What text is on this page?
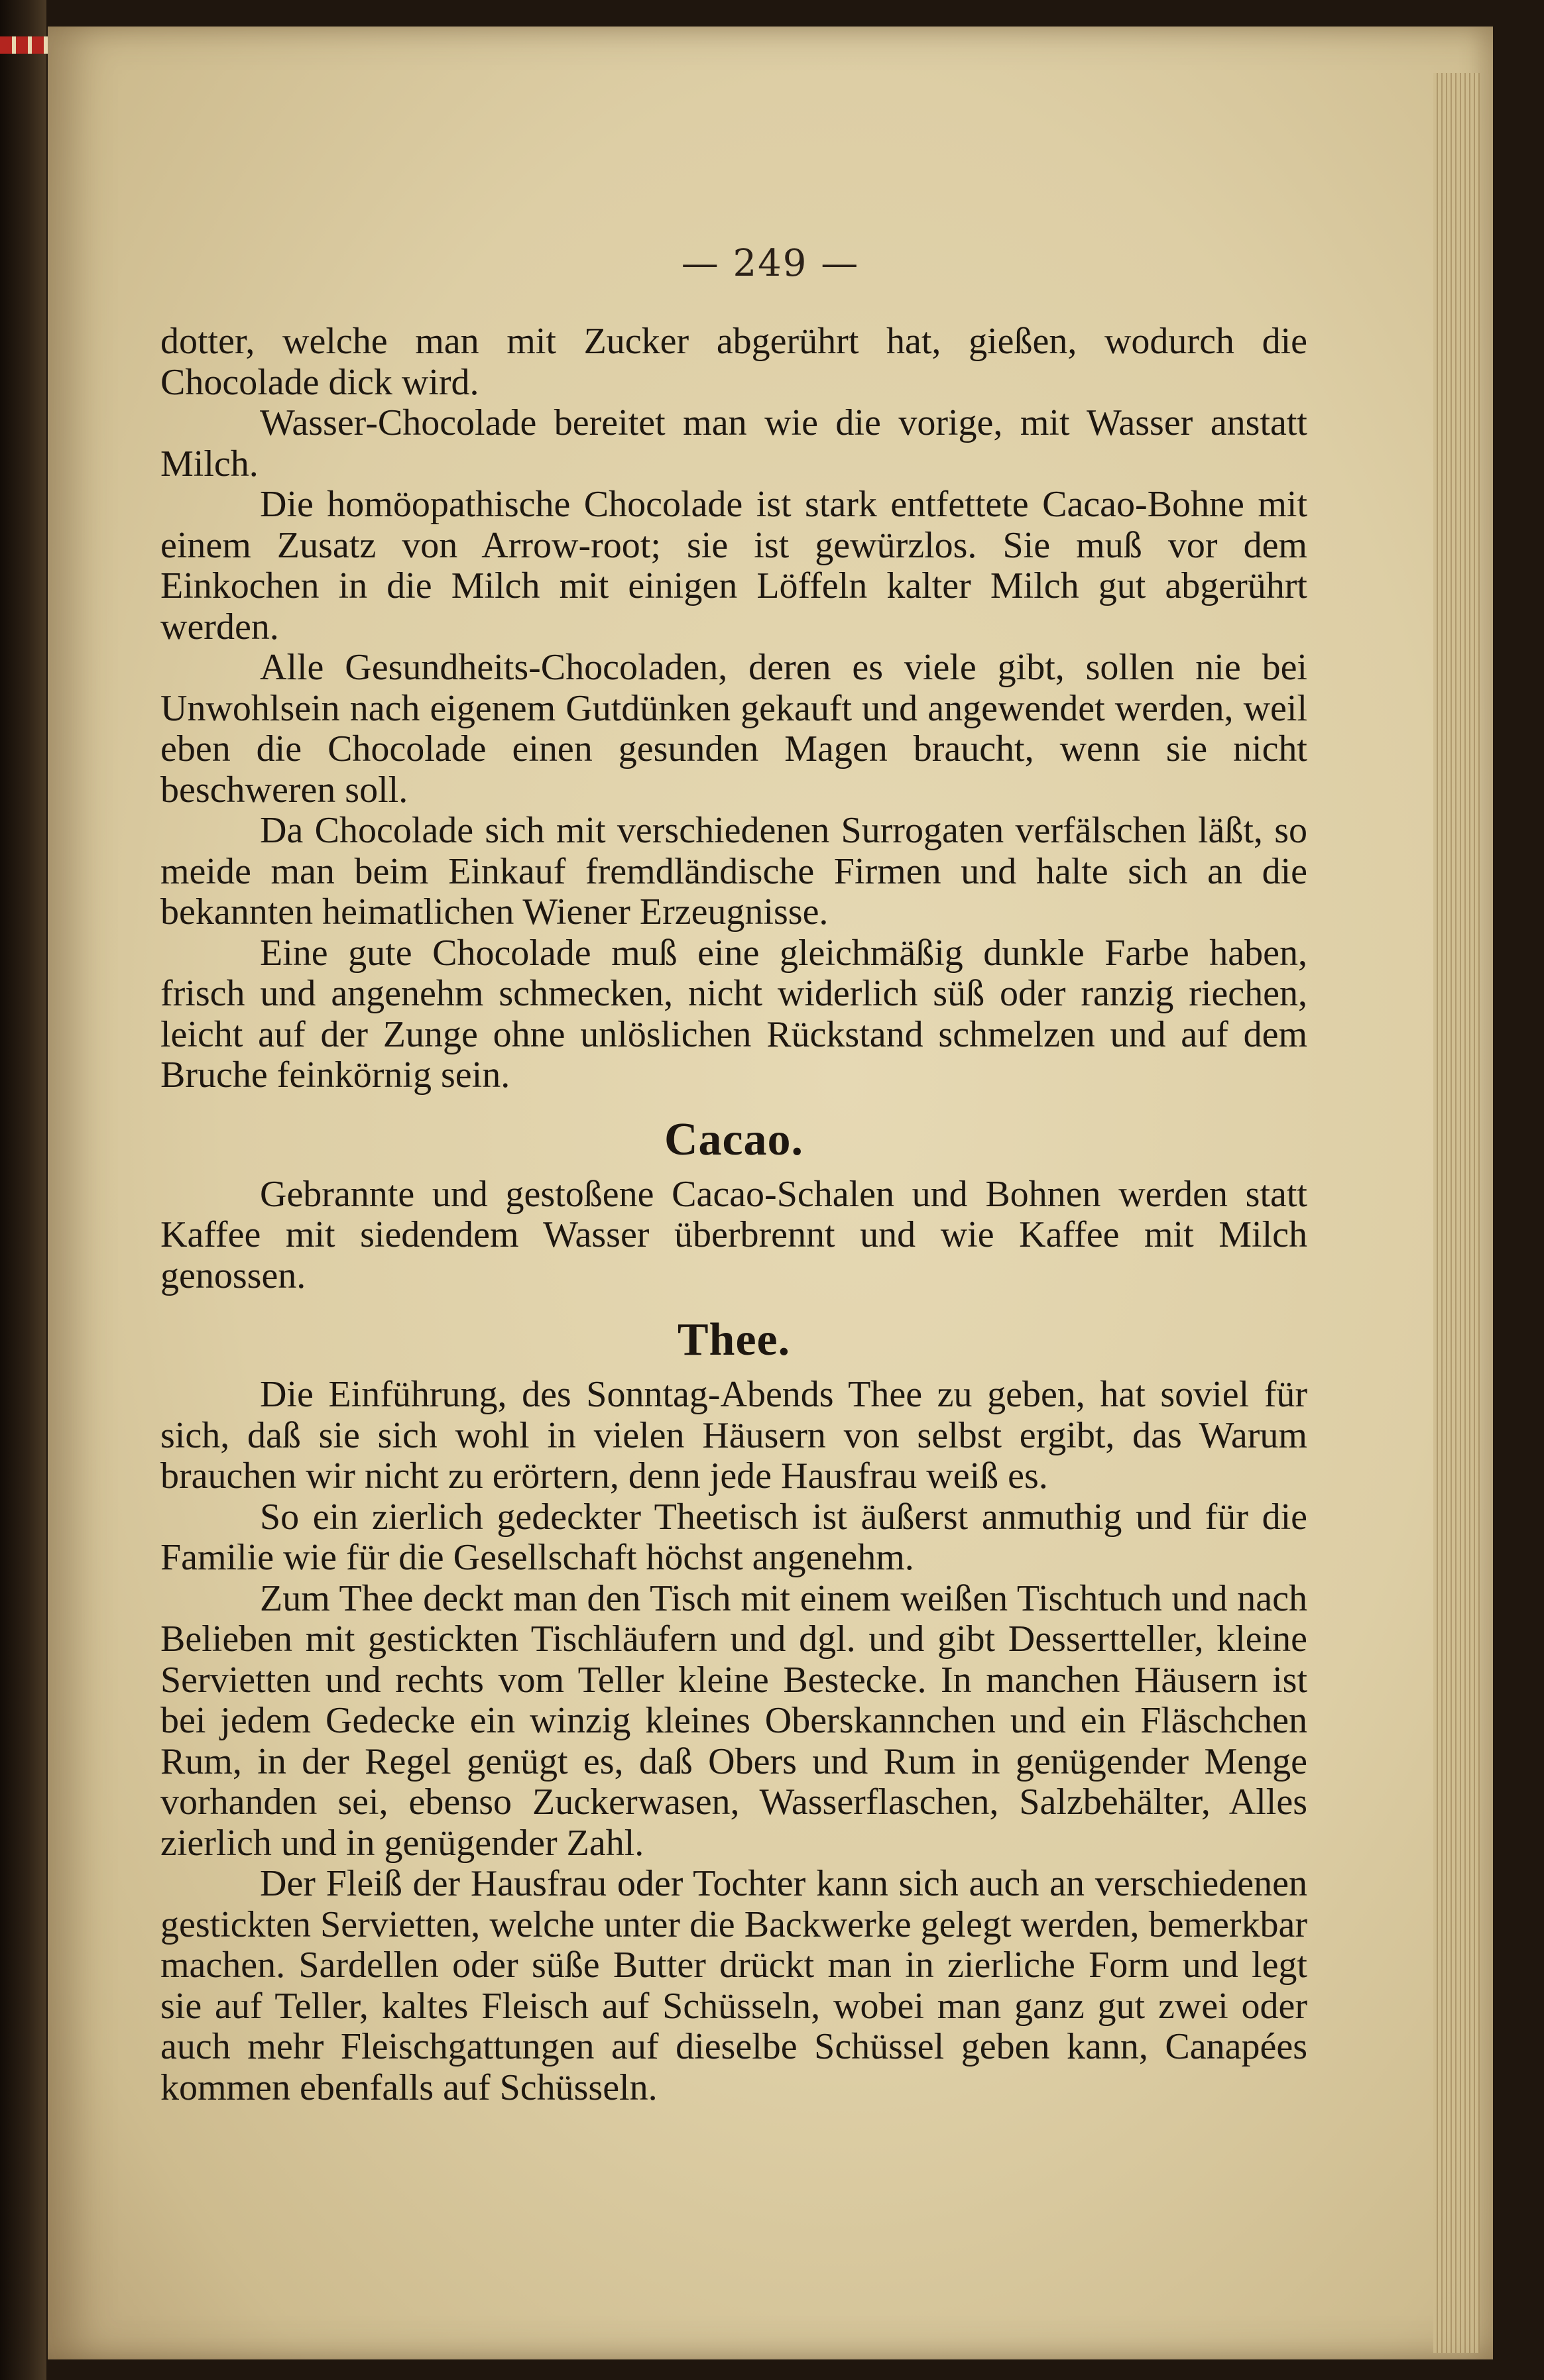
— 249 —

dotter, welche man mit Zucker abgerührt hat, gießen, wodurch die Chocolade dick wird.

Wasser-Chocolade bereitet man wie die vorige, mit Wasser anstatt Milch.

Die homöopathische Chocolade ist stark entfettete Cacao-Bohne mit einem Zusatz von Arrow-root; sie ist gewürzlos. Sie muß vor dem Einkochen in die Milch mit einigen Löffeln kalter Milch gut abgerührt werden.

Alle Gesundheits-Chocoladen, deren es viele gibt, sollen nie bei Unwohlsein nach eigenem Gutdünken gekauft und angewendet werden, weil eben die Chocolade einen gesunden Magen braucht, wenn sie nicht beschweren soll.

Da Chocolade sich mit verschiedenen Surrogaten verfälschen läßt, so meide man beim Einkauf fremdländische Firmen und halte sich an die bekannten heimatlichen Wiener Erzeugnisse.

Eine gute Chocolade muß eine gleichmäßig dunkle Farbe haben, frisch und angenehm schmecken, nicht widerlich süß oder ranzig riechen, leicht auf der Zunge ohne unlöslichen Rückstand schmelzen und auf dem Bruche feinkörnig sein.

Cacao.

Gebrannte und gestoßene Cacao-Schalen und Bohnen werden statt Kaffee mit siedendem Wasser überbrennt und wie Kaffee mit Milch genossen.

Thee.

Die Einführung, des Sonntag-Abends Thee zu geben, hat soviel für sich, daß sie sich wohl in vielen Häusern von selbst ergibt, das Warum brauchen wir nicht zu erörtern, denn jede Hausfrau weiß es.

So ein zierlich gedeckter Theetisch ist äußerst anmuthig und für die Familie wie für die Gesellschaft höchst angenehm.

Zum Thee deckt man den Tisch mit einem weißen Tischtuch und nach Belieben mit gestickten Tischläufern und dgl. und gibt Dessertteller, kleine Servietten und rechts vom Teller kleine Bestecke. In manchen Häusern ist bei jedem Gedecke ein winzig kleines Oberskannchen und ein Fläschchen Rum, in der Regel genügt es, daß Obers und Rum in genügender Menge vorhanden sei, ebenso Zuckerwasen, Wasserflaschen, Salzbehälter, Alles zierlich und in genügender Zahl.

Der Fleiß der Hausfrau oder Tochter kann sich auch an verschiedenen gestickten Servietten, welche unter die Backwerke gelegt werden, bemerkbar machen. Sardellen oder süße Butter drückt man in zierliche Form und legt sie auf Teller, kaltes Fleisch auf Schüsseln, wobei man ganz gut zwei oder auch mehr Fleischgattungen auf dieselbe Schüssel geben kann, Canapées kommen ebenfalls auf Schüsseln.
